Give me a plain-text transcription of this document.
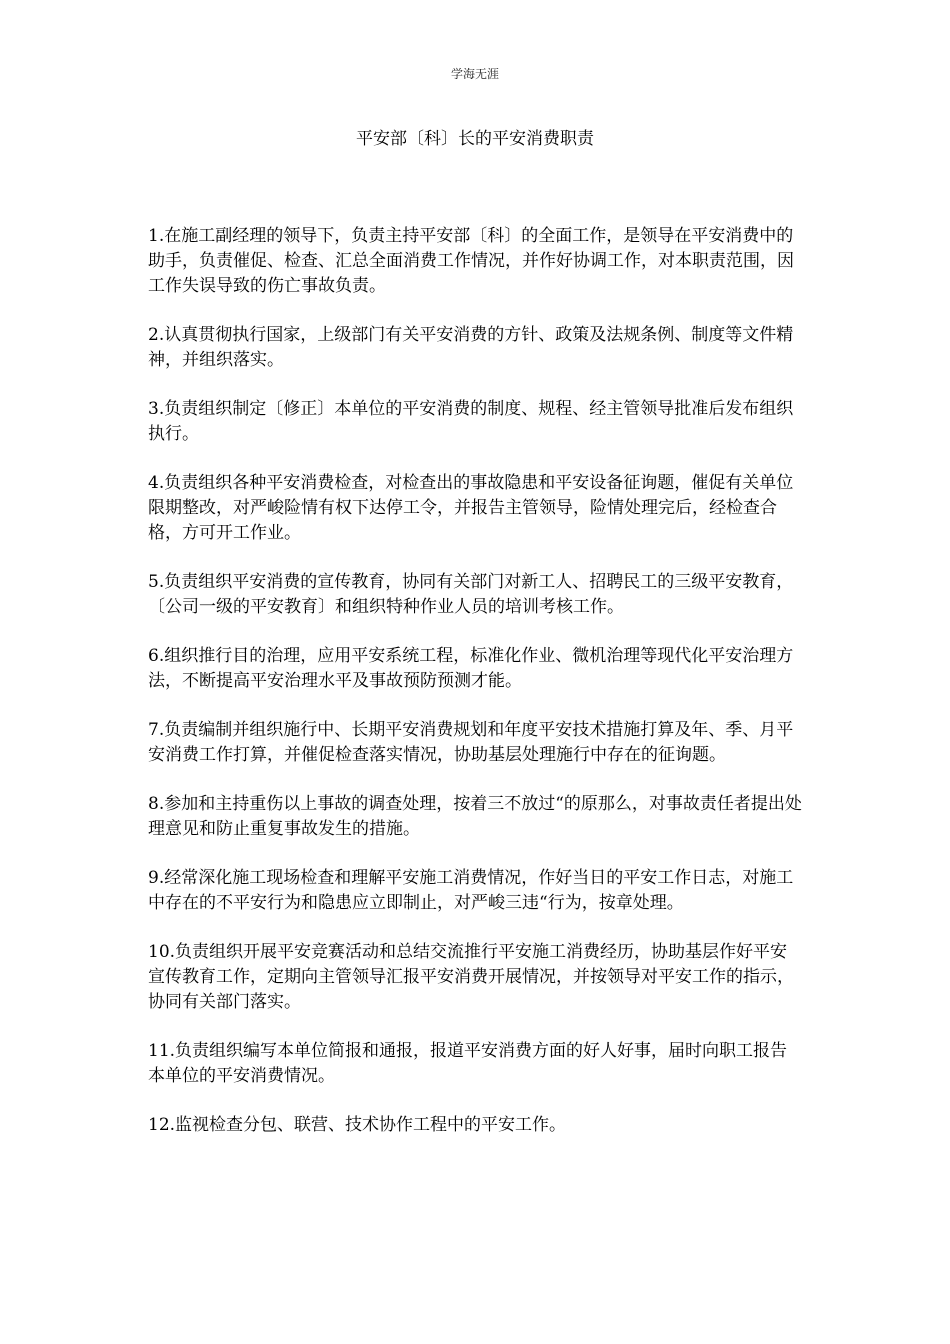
学海无涯
平安部〔科〕长的平安消费职责

1.在施工副经理的领导下，负责主持平安部〔科〕的全面工作，是领导在平安消费中的助手，负责催促、检查、汇总全面消费工作情况，并作好协调工作，对本职责范围，因工作失误导致的伤亡事故负责。

2.认真贯彻执行国家，上级部门有关平安消费的方针、政策及法规条例、制度等文件精神，并组织落实。

3.负责组织制定〔修正〕本单位的平安消费的制度、规程、经主管领导批准后发布组织执行。

4.负责组织各种平安消费检查，对检查出的事故隐患和平安设备征询题，催促有关单位限期整改，对严峻险情有权下达停工令，并报告主管领导，险情处理完后，经检查合格，方可开工作业。

5.负责组织平安消费的宣传教育，协同有关部门对新工人、招聘民工的三级平安教育，〔公司一级的平安教育〕和组织特种作业人员的培训考核工作。

6.组织推行目的治理，应用平安系统工程，标准化作业、微机治理等现代化平安治理方法，不断提高平安治理水平及事故预防预测才能。

7.负责编制并组织施行中、长期平安消费规划和年度平安技术措施打算及年、季、月平安消费工作打算，并催促检查落实情况，协助基层处理施行中存在的征询题。

8.参加和主持重伤以上事故的调查处理，按着三不放过“的原那么，对事故责任者提出处理意见和防止重复事故发生的措施。

9.经常深化施工现场检查和理解平安施工消费情况，作好当日的平安工作日志，对施工中存在的不平安行为和隐患应立即制止，对严峻三违“行为，按章处理。

10.负责组织开展平安竞赛活动和总结交流推行平安施工消费经历，协助基层作好平安宣传教育工作，定期向主管领导汇报平安消费开展情况，并按领导对平安工作的指示，协同有关部门落实。

11.负责组织编写本单位简报和通报，报道平安消费方面的好人好事，届时向职工报告本单位的平安消费情况。

12.监视检查分包、联营、技术协作工程中的平安工作。
